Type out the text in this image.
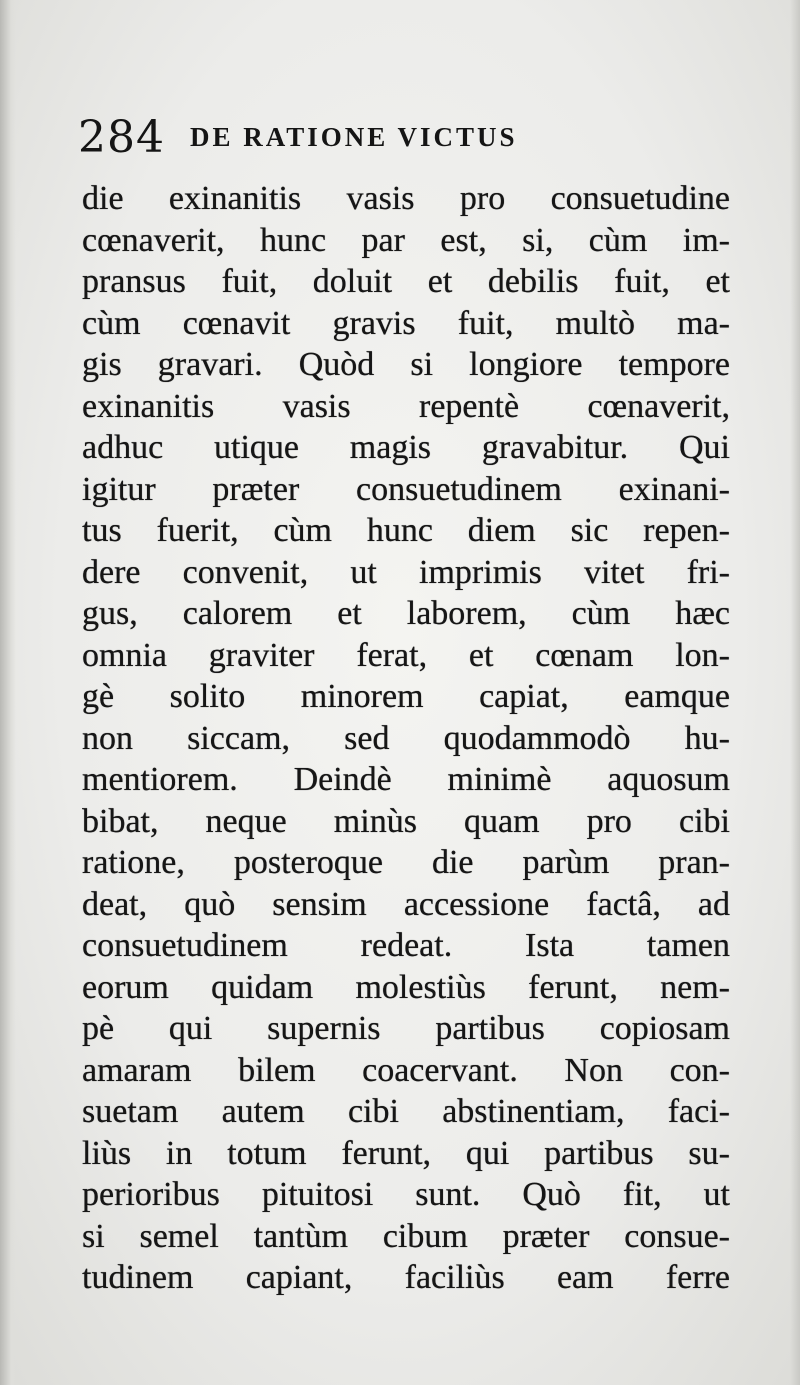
284 DE RATIONE VICTUS
die exinanitis vasis pro consuetudine
cœnaverit, hunc par est, si, cùm im-
pransus fuit, doluit et debilis fuit, et
cùm cœnavit gravis fuit, multò ma-
gis gravari. Quòd si longiore tempore
exinanitis vasis repentè cœnaverit,
adhuc utique magis gravabitur. Qui
igitur præter consuetudinem exinani-
tus fuerit, cùm hunc diem sic repen-
dere convenit, ut imprimis vitet fri-
gus, calorem et laborem, cùm hæc
omnia graviter ferat, et cœnam lon-
gè solito minorem capiat, eamque
non siccam, sed quodammodò hu-
mentiorem. Deindè minimè aquosum
bibat, neque minùs quam pro cibi
ratione, posteroque die parùm pran-
deat, quò sensim accessione factâ, ad
consuetudinem redeat. Ista tamen
eorum quidam molestiùs ferunt, nem-
pè qui supernis partibus copiosam
amaram bilem coacervant. Non con-
suetam autem cibi abstinentiam, faci-
liùs in totum ferunt, qui partibus su-
perioribus pituitosi sunt. Quò fit, ut
si semel tantùm cibum præter consue-
tudinem capiant, faciliùs eam ferre
